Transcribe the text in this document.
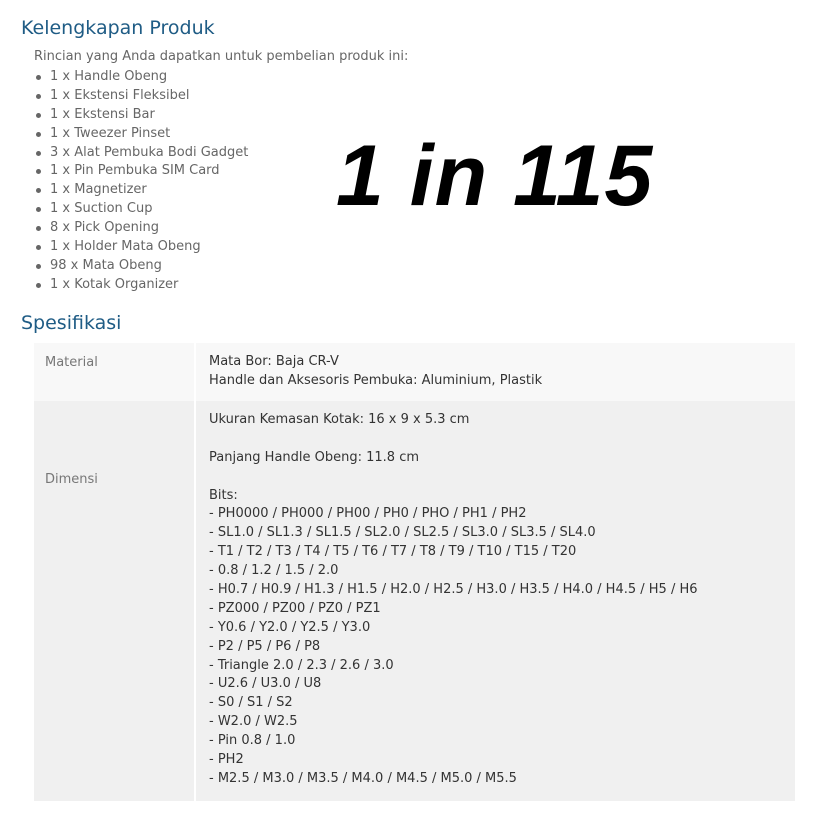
Kelengkapan Produk
Rincian yang Anda dapatkan untuk pembelian produk ini:
1 x Handle Obeng
1 x Ekstensi Fleksibel
1 x Ekstensi Bar
1 x Tweezer Pinset
3 x Alat Pembuka Bodi Gadget
1 x Pin Pembuka SIM Card
1 x Magnetizer
1 x Suction Cup
8 x Pick Opening
1 x Holder Mata Obeng
98 x Mata Obeng
1 x Kotak Organizer
1 in 115
Spesifikasi
Material	Mata Bor: Baja CR-V
Handle dan Aksesoris Pembuka: Aluminium, Plastik
Dimensi
Ukuran Kemasan Kotak: 16 x 9 x 5.3 cm
Panjang Handle Obeng: 11.8 cm
Bits:
- PH0000 / PH000 / PH00 / PH0 / PHO / PH1 / PH2
- SL1.0 / SL1.3 / SL1.5 / SL2.0 / SL2.5 / SL3.0 / SL3.5 / SL4.0
- T1 / T2 / T3 / T4 / T5 / T6 / T7 / T8 / T9 / T10 / T15 / T20
- 0.8 / 1.2 / 1.5 / 2.0
- H0.7 / H0.9 / H1.3 / H1.5 / H2.0 / H2.5 / H3.0 / H3.5 / H4.0 / H4.5 / H5 / H6
- PZ000 / PZ00 / PZ0 / PZ1
- Y0.6 / Y2.0 / Y2.5 / Y3.0
- P2 / P5 / P6 / P8
- Triangle 2.0 / 2.3 / 2.6 / 3.0
- U2.6 / U3.0 / U8
- S0 / S1 / S2
- W2.0 / W2.5
- Pin 0.8 / 1.0
- PH2
- M2.5 / M3.0 / M3.5 / M4.0 / M4.5 / M5.0 / M5.5
